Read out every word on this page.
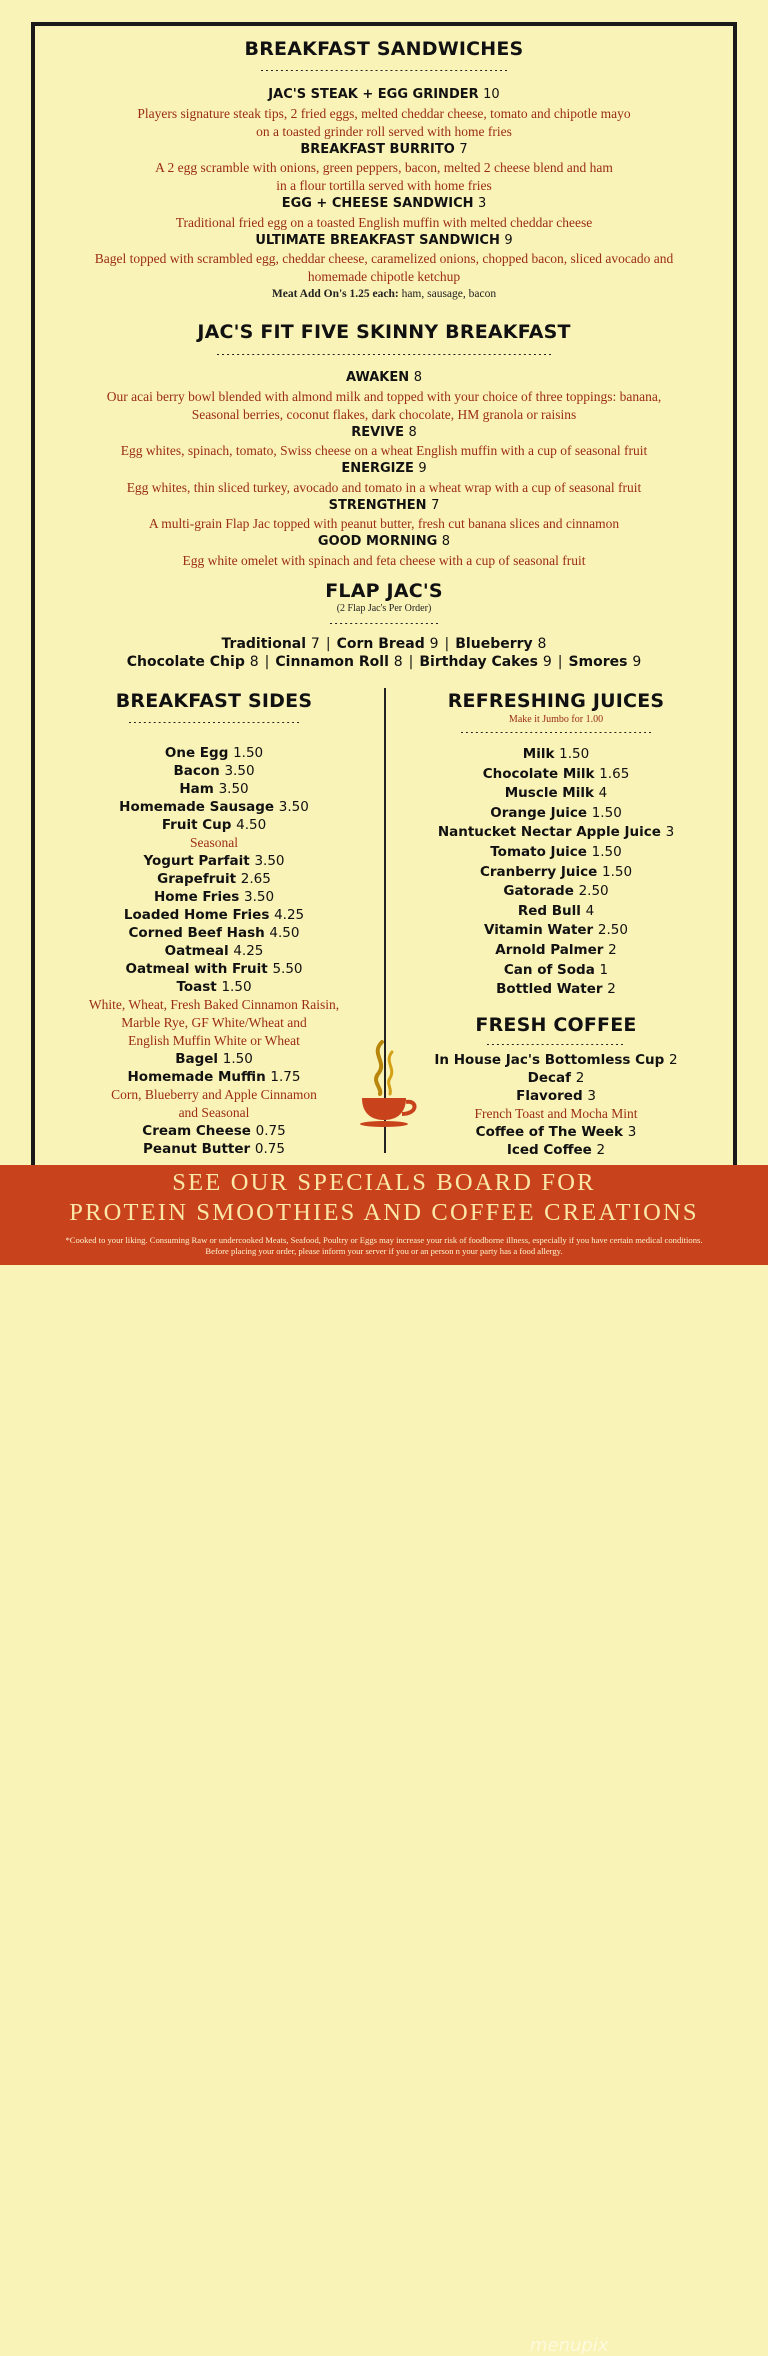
BREAKFAST SANDWICHES
JAC'S STEAK + EGG GRINDER 10
Players signature steak tips, 2 fried eggs, melted cheddar cheese, tomato and chipotle mayo
on a toasted grinder roll served with home fries
BREAKFAST BURRITO 7
A 2 egg scramble with onions, green peppers, bacon, melted 2 cheese blend and ham
in a flour tortilla served with home fries
EGG + CHEESE SANDWICH 3
Traditional fried egg on a toasted English muffin with melted cheddar cheese
ULTIMATE BREAKFAST SANDWICH 9
Bagel topped with scrambled egg, cheddar cheese, caramelized onions, chopped bacon, sliced avocado and
homemade chipotle ketchup
Meat Add On's 1.25 each: ham, sausage, bacon
JAC'S FIT FIVE SKINNY BREAKFAST
AWAKEN 8
Our acai berry bowl blended with almond milk and topped with your choice of three toppings: banana,
Seasonal berries, coconut flakes, dark chocolate, HM granola or raisins
REVIVE 8
Egg whites, spinach, tomato, Swiss cheese on a wheat English muffin with a cup of seasonal fruit
ENERGIZE 9
Egg whites, thin sliced turkey, avocado and tomato in a wheat wrap with a cup of seasonal fruit
STRENGTHEN 7
A multi-grain Flap Jac topped with peanut butter, fresh cut banana slices and cinnamon
GOOD MORNING 8
Egg white omelet with spinach and feta cheese with a cup of seasonal fruit
FLAP JAC'S
(2 Flap Jac's Per Order)
Traditional 7 | Corn Bread 9 | Blueberry 8
Chocolate Chip 8 | Cinnamon Roll 8 | Birthday Cakes 9 | Smores 9
BREAKFAST SIDES
One Egg 1.50
Bacon 3.50
Ham 3.50
Homemade Sausage 3.50
Fruit Cup 4.50
Seasonal
Yogurt Parfait 3.50
Grapefruit 2.65
Home Fries 3.50
Loaded Home Fries 4.25
Corned Beef Hash 4.50
Oatmeal 4.25
Oatmeal with Fruit 5.50
Toast 1.50
White, Wheat, Fresh Baked Cinnamon Raisin,
Marble Rye, GF White/Wheat and
English Muffin White or Wheat
Bagel 1.50
Homemade Muffin 1.75
Corn, Blueberry and Apple Cinnamon
and Seasonal
Cream Cheese 0.75
Peanut Butter 0.75
REFRESHING JUICES
Make it Jumbo for 1.00
Milk 1.50
Chocolate Milk 1.65
Muscle Milk 4
Orange Juice 1.50
Nantucket Nectar Apple Juice 3
Tomato Juice 1.50
Cranberry Juice 1.50
Gatorade 2.50
Red Bull 4
Vitamin Water 2.50
Arnold Palmer 2
Can of Soda 1
Bottled Water 2
FRESH COFFEE
In House Jac's Bottomless Cup 2
Decaf 2
Flavored 3
French Toast and Mocha Mint
Coffee of The Week 3
Iced Coffee 2
SEE OUR SPECIALS BOARD FOR
PROTEIN SMOOTHIES AND COFFEE CREATIONS
*Cooked to your liking. Consuming Raw or undercooked Meats, Seafood, Poultry or Eggs may increase your risk of foodborne illness, especially if you have certain medical conditions.
Before placing your order, please inform your server if you or an person n your party has a food allergy.
menupix
